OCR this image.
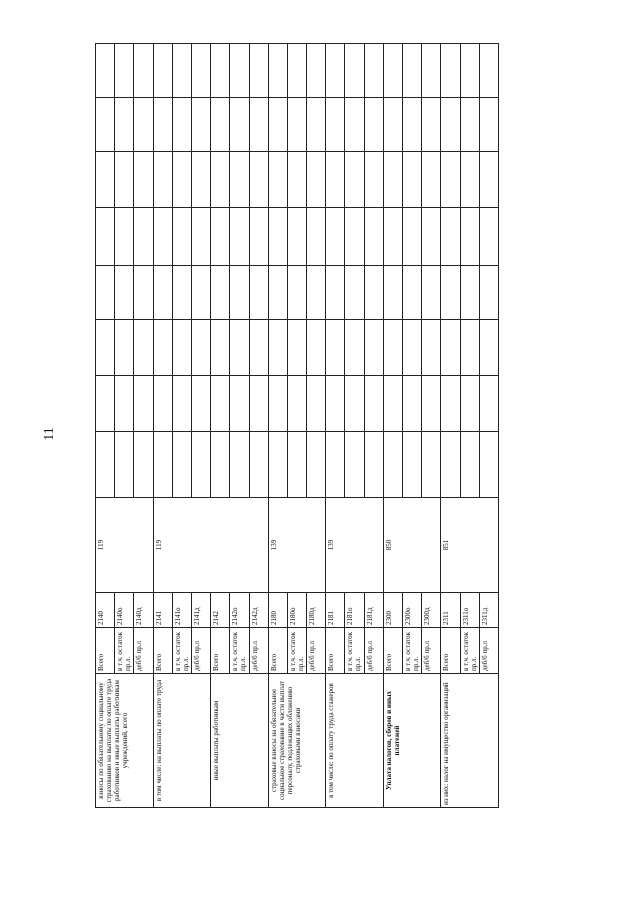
11
взносы по обязательному социальному страхованию на выплаты по оплате труда работников и иные выплаты работникам учреждений, всего	Всего	2140	119								
	в т.ч. остаток пр.л.	2140о									
	деб/б пр.л	2140д									
в том числе: на выплаты по оплате труда	Всего	2141	119								
	в т.ч. остаток пр.л.	2141о									
	деб/б пр.л	2141д									
иные выплаты работникам	Всего	2142									
	в т.ч. остаток пр.л.	2142о									
	деб/б пр.л	2142д									
страховые взносы на обязательное социальное страхование в части выплат персоналу, подлежащих обложению страховыми взносами	Всего	2180	139								
	в т.ч. остаток пр.л.	2180о									
	деб/б пр.л	2180д									
в том числе: по оплату труда стажеров	Всего	2181	139								
	в т.ч. остаток пр.л.	2181о									
	деб/б пр.л	2181д									
Уплата налогов, сборов и иных платежей	Всего	2300	850								
	в т.ч. остаток пр.л.	2300о									
	деб/б пр.л	2300д									
из них: налог на имущество организаций	Всего	2311	851								
	в т.ч. остаток пр.л.	2311о									
	деб/б пр.л	2311д									
